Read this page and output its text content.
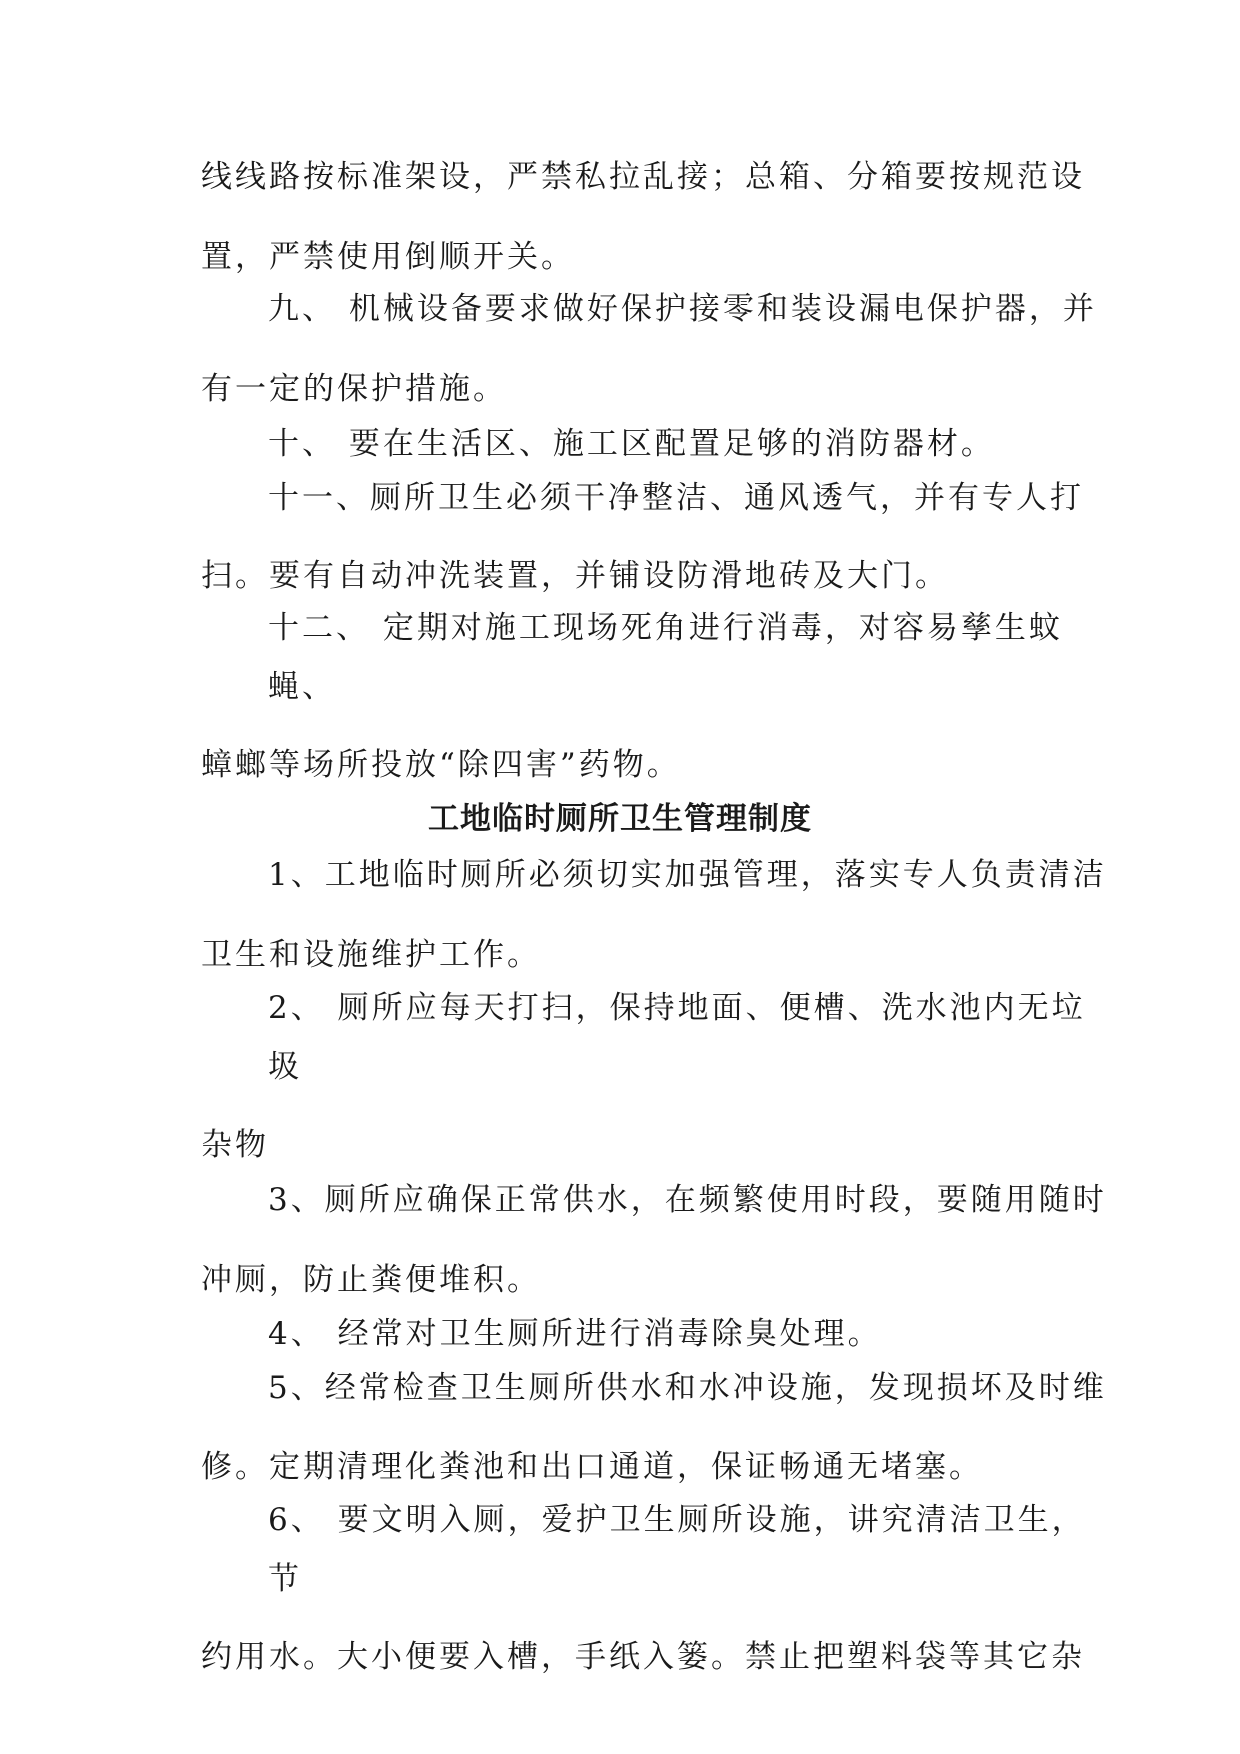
线线路按标准架设，严禁私拉乱接；总箱、分箱要按规范设
置，严禁使用倒顺开关。
九、 机械设备要求做好保护接零和装设漏电保护器，并
有一定的保护措施。
十、 要在生活区、施工区配置足够的消防器材。
十一、厕所卫生必须干净整洁、通风透气，并有专人打
扫。要有自动冲洗装置，并铺设防滑地砖及大门。
十二、 定期对施工现场死角进行消毒，对容易孳生蚊
蝇、
蟑螂等场所投放“除四害”药物。
工地临时厕所卫生管理制度
1、工地临时厕所必须切实加强管理，落实专人负责清洁
卫生和设施维护工作。
2、 厕所应每天打扫，保持地面、便槽、洗水池内无垃
圾
杂物
3、厕所应确保正常供水，在频繁使用时段，要随用随时
冲厕，防止粪便堆积。
4、 经常对卫生厕所进行消毒除臭处理。
5、经常检查卫生厕所供水和水冲设施，发现损坏及时维
修。定期清理化粪池和出口通道，保证畅通无堵塞。
6、 要文明入厕，爱护卫生厕所设施，讲究清洁卫生，
节
约用水。大小便要入槽，手纸入篓。禁止把塑料袋等其它杂
